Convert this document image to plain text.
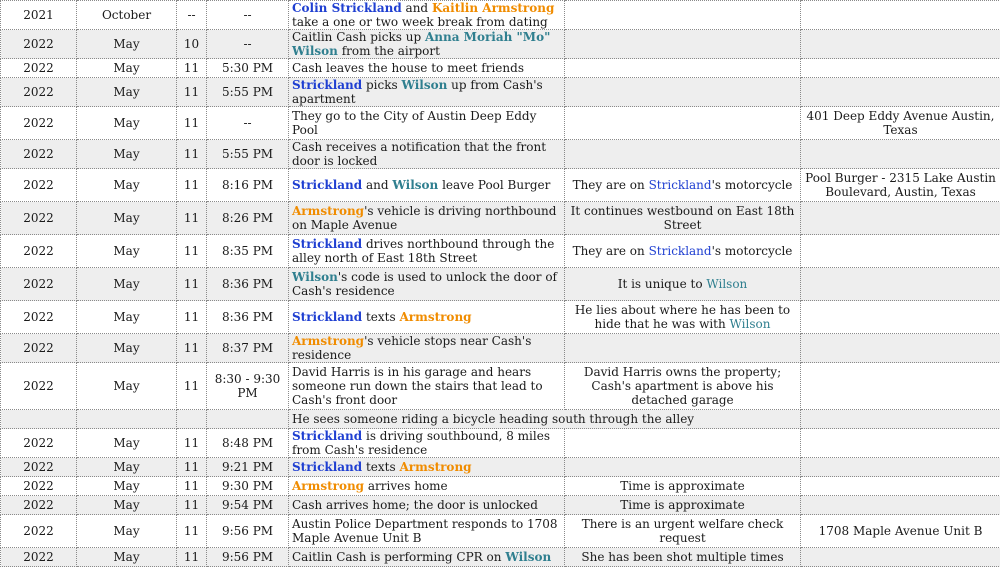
2021	October	--	--	Colin Strickland and Kaitlin Armstrong take a one or two week break from dating		
2022	May	10	--	Caitlin Cash picks up Anna Moriah "Mo" Wilson from the airport		
2022	May	11	5:30 PM	Cash leaves the house to meet friends		
2022	May	11	5:55 PM	Strickland picks Wilson up from Cash's apartment		
2022	May	11	--	They go to the City of Austin Deep Eddy Pool		401 Deep Eddy Avenue Austin, Texas
2022	May	11	5:55 PM	Cash receives a notification that the front door is locked		
2022	May	11	8:16 PM	Strickland and Wilson leave Pool Burger	They are on Strickland's motorcycle	Pool Burger - 2315 Lake Austin Boulevard, Austin, Texas
2022	May	11	8:26 PM	Armstrong's vehicle is driving northbound on Maple Avenue	It continues westbound on East 18th Street	
2022	May	11	8:35 PM	Strickland drives northbound through the alley north of East 18th Street	They are on Strickland's motorcycle	
2022	May	11	8:36 PM	Wilson's code is used to unlock the door of Cash's residence	It is unique to Wilson	
2022	May	11	8:36 PM	Strickland texts Armstrong	He lies about where he has been to hide that he was with Wilson	
2022	May	11	8:37 PM	Armstrong's vehicle stops near Cash's residence		
2022	May	11	8:30 - 9:30 PM	David Harris is in his garage and hears someone run down the stairs that lead to Cash's front door	David Harris owns the property; Cash's apartment is above his detached garage	
				He sees someone riding a bicycle heading south through the alley		
2022	May	11	8:48 PM	Strickland is driving southbound, 8 miles from Cash's residence		
2022	May	11	9:21 PM	Strickland texts Armstrong		
2022	May	11	9:30 PM	Armstrong arrives home	Time is approximate	
2022	May	11	9:54 PM	Cash arrives home; the door is unlocked	Time is approximate	
2022	May	11	9:56 PM	Austin Police Department responds to 1708 Maple Avenue Unit B	There is an urgent welfare check request	1708 Maple Avenue Unit B
2022	May	11	9:56 PM	Caitlin Cash is performing CPR on Wilson	She has been shot multiple times	
